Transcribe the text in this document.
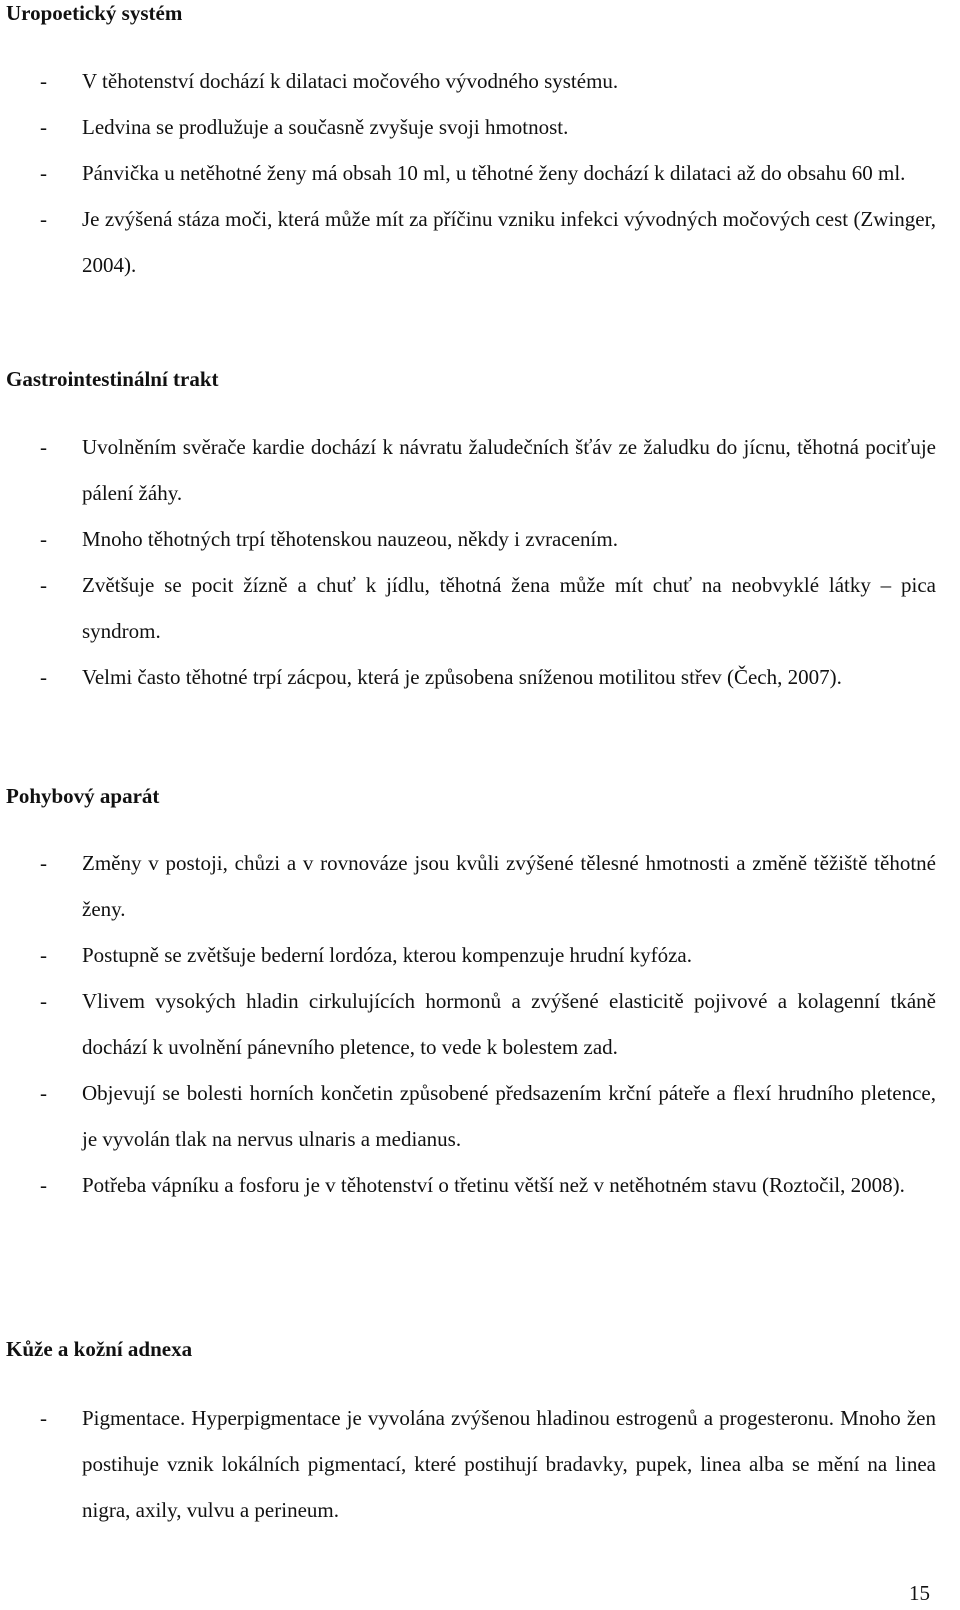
Uropoetický systém
- V těhotenství dochází k dilataci močového vývodného systému.
- Ledvina se prodlužuje a současně zvyšuje svoji hmotnost.
- Pánvička u netěhotné ženy má obsah 10 ml, u těhotné ženy dochází k dilataci až do obsahu 60 ml.
- Je zvýšená stáza moči, která může mít za příčinu vzniku infekci vývodných močových cest (Zwinger, 2004).
Gastrointestinální trakt
- Uvolněním svěrače kardie dochází k návratu žaludečních šťáv ze žaludku do jícnu, těhotná pociťuje pálení žáhy.
- Mnoho těhotných trpí těhotenskou nauzeou, někdy i zvracením.
- Zvětšuje se pocit žízně a chuť k jídlu, těhotná žena může mít chuť na neobvyklé látky – pica syndrom.
- Velmi často těhotné trpí zácpou, která je způsobena sníženou motilitou střev (Čech, 2007).
Pohybový aparát
- Změny v postoji, chůzi a v rovnováze jsou kvůli zvýšené tělesné hmotnosti a změně těžiště těhotné ženy.
- Postupně se zvětšuje bederní lordóza, kterou kompenzuje hrudní kyfóza.
- Vlivem vysokých hladin cirkulujících hormonů a zvýšené elasticitě pojivové a kolagenní tkáně dochází k uvolnění pánevního pletence, to vede k bolestem zad.
- Objevují se bolesti horních končetin způsobené předsazením krční páteře a flexí hrudního pletence, je vyvolán tlak na nervus ulnaris a medianus.
- Potřeba vápníku a fosforu je v těhotenství o třetinu větší než v netěhotném stavu (Roztočil, 2008).
Kůže a kožní adnexa
- Pigmentace. Hyperpigmentace je vyvolána zvýšenou hladinou estrogenů a progesteronu. Mnoho žen postihuje vznik lokálních pigmentací, které postihují bradavky, pupek, linea alba se mění na linea nigra, axily, vulvu a perineum.
15
